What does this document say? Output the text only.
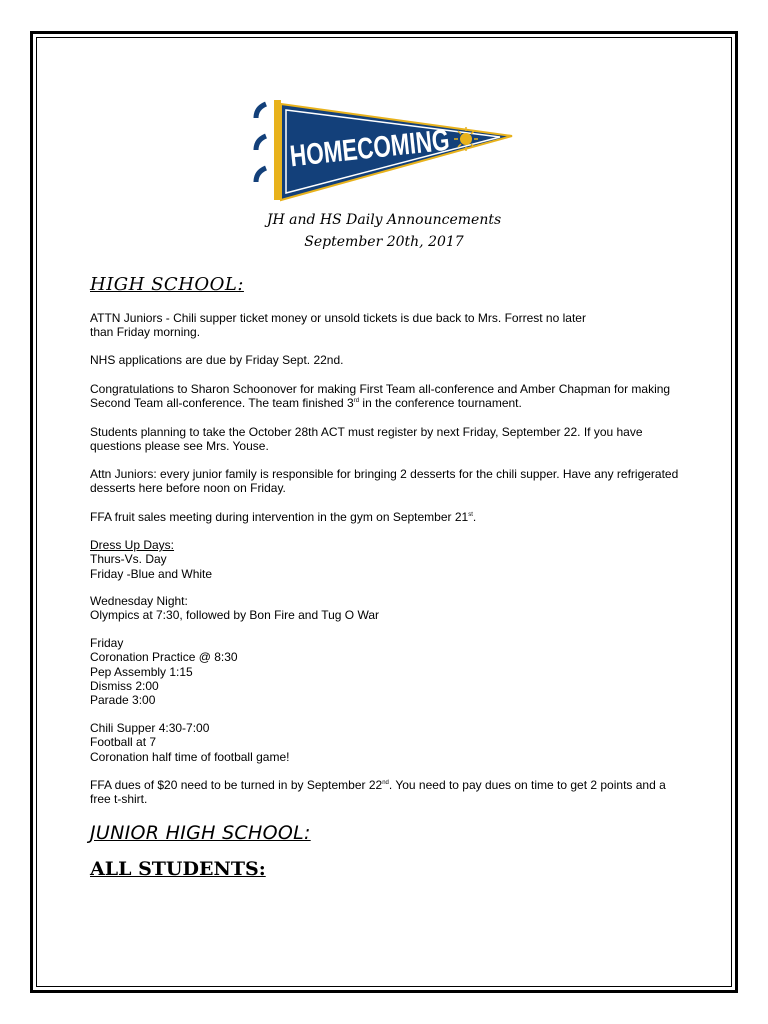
HOMECOMING
JH and HS Daily Announcements
September 20th, 2017
HIGH SCHOOL:

ATTN Juniors - Chili supper ticket money or unsold tickets is due back to Mrs. Forrest no later
than Friday morning.

NHS applications are due by Friday Sept. 22nd.

Congratulations to Sharon Schoonover for making First Team all-conference and Amber Chapman for making
Second Team all-conference. The team finished 3rd in the conference tournament.

Students planning to take the October 28th ACT must register by next Friday, September 22. If you have
questions please see Mrs. Youse.

Attn Juniors: every junior family is responsible for bringing 2 desserts for the chili supper. Have any refrigerated
desserts here before noon on Friday.

FFA fruit sales meeting during intervention in the gym on September 21st.

Dress Up Days:
Thurs-Vs. Day
Friday -Blue and White

Wednesday Night:
Olympics at 7:30, followed by Bon Fire and Tug O War

Friday
Coronation Practice @ 8:30
Pep Assembly 1:15
Dismiss 2:00
Parade 3:00

Chili Supper 4:30-7:00
Football at 7
Coronation half time of football game!

FFA dues of $20 need to be turned in by September 22nd. You need to pay dues on time to get 2 points and a
free t-shirt.

JUNIOR HIGH SCHOOL:
ALL STUDENTS:
